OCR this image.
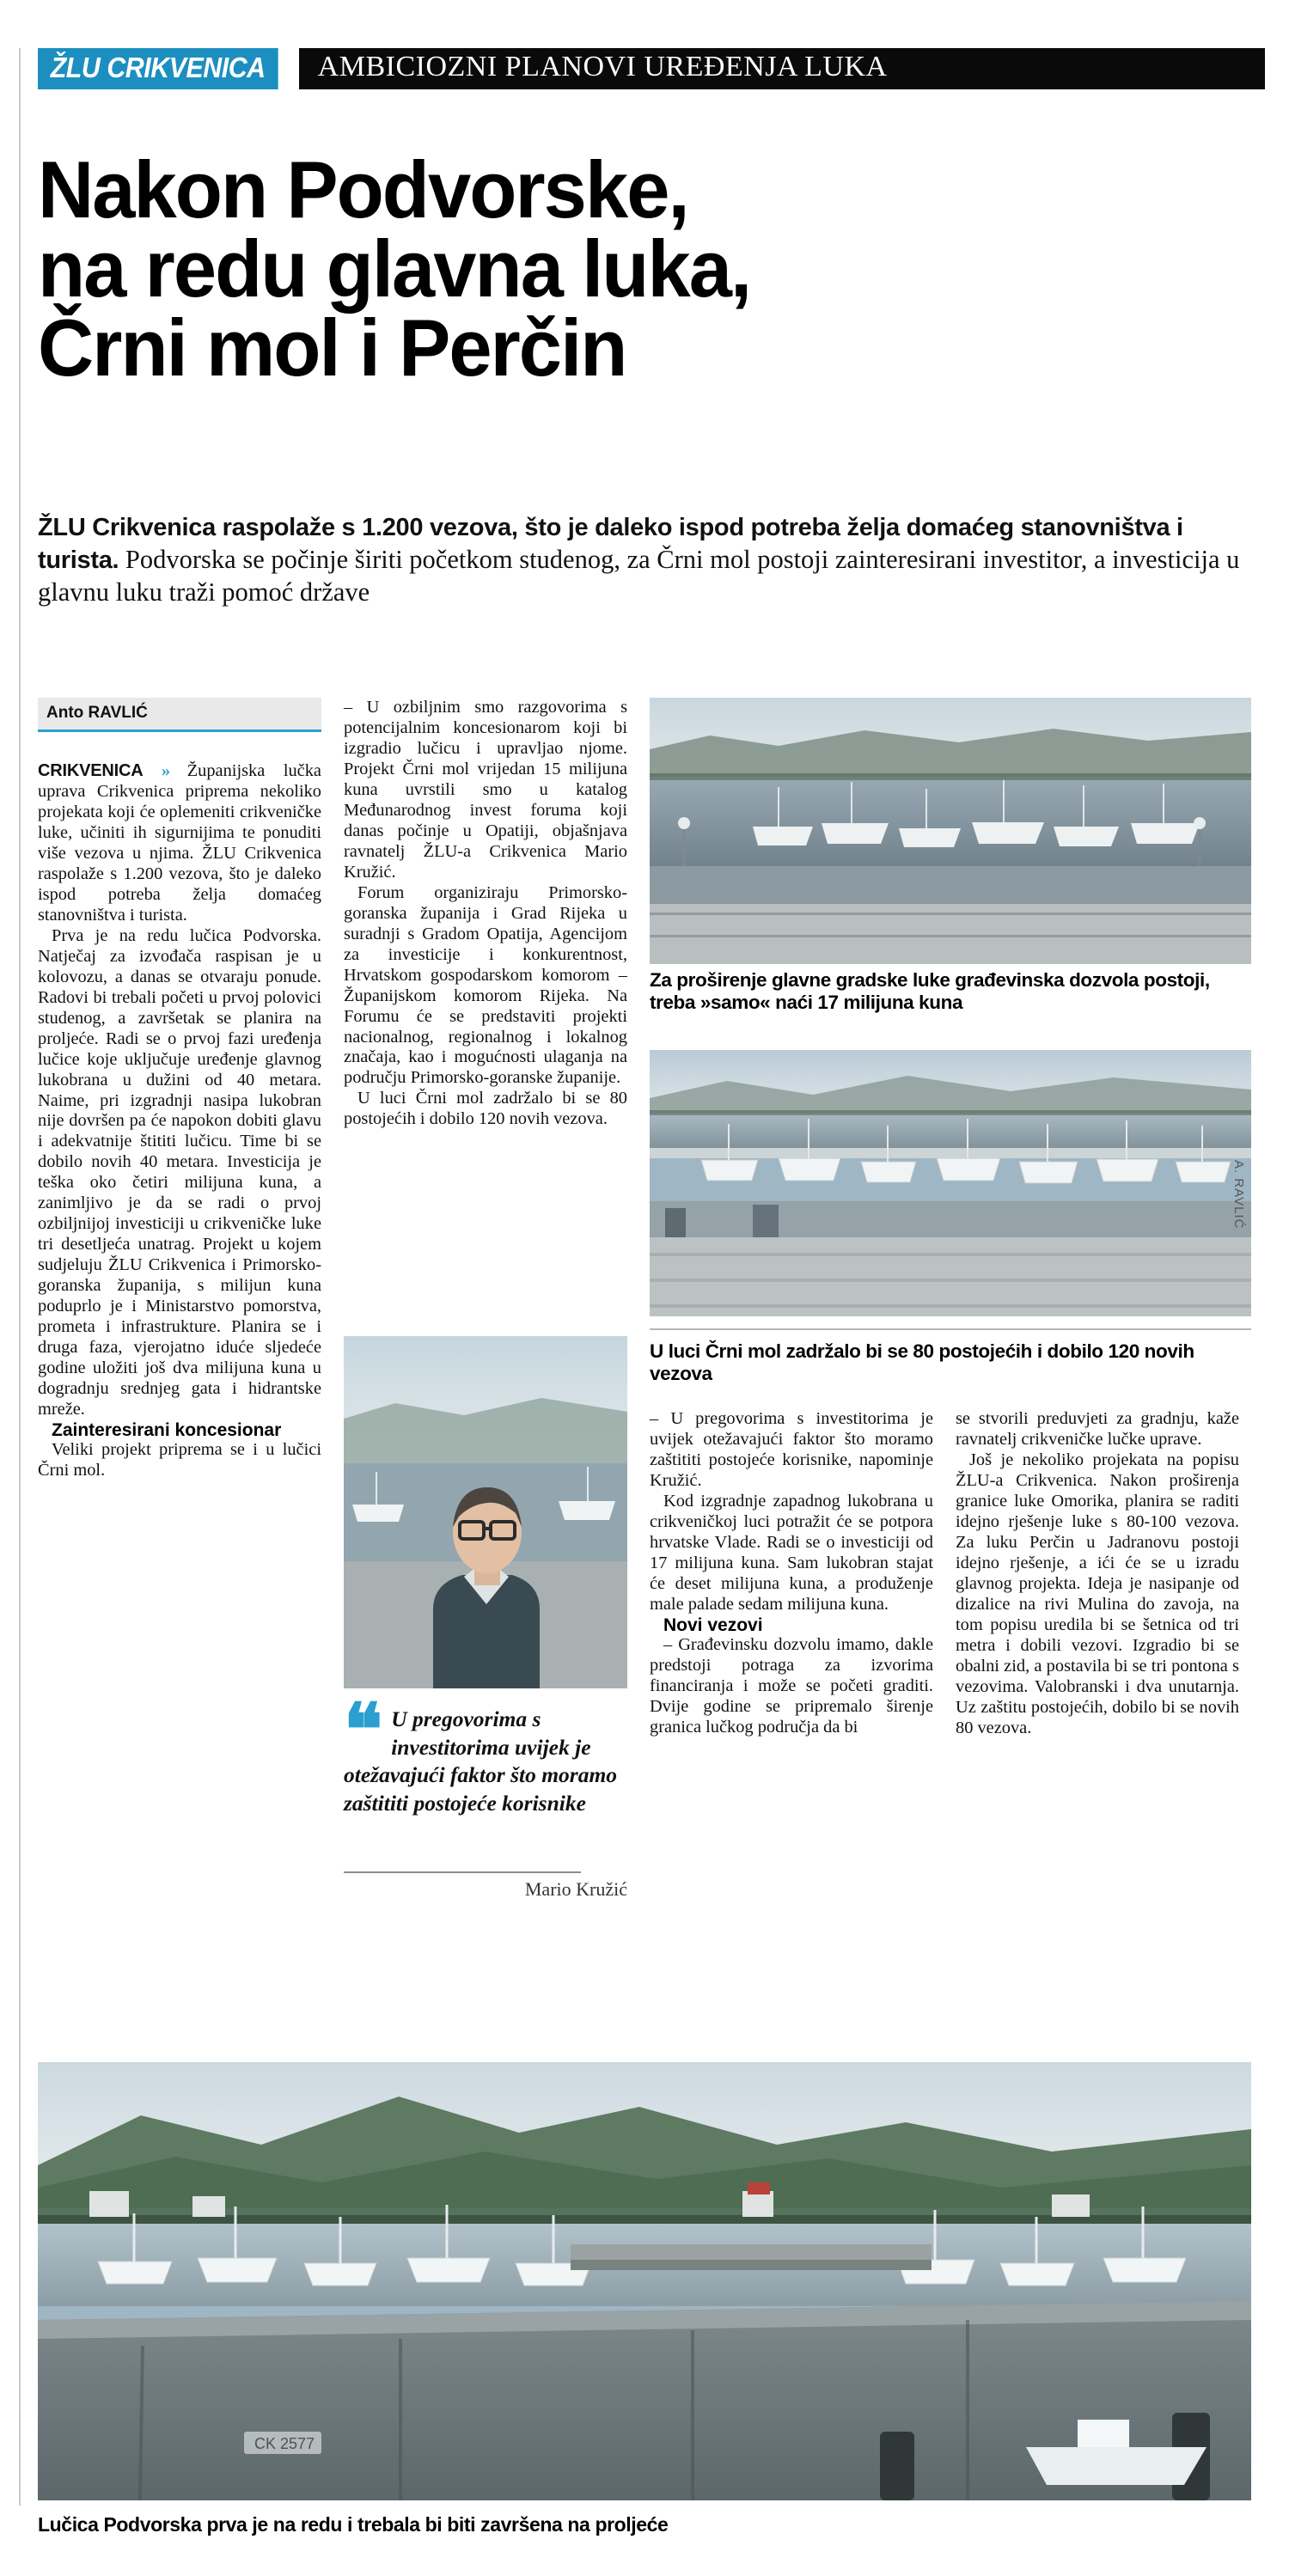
ŽLU CRIKVENICA	AMBICIOZNI PLANOVI UREĐENJA LUKA
Nakon Podvorske,
na redu glavna luka,
Črni mol i Perčin
ŽLU Crikvenica raspolaže s 1.200 vezova, što je daleko ispod potreba želja domaćeg stanovništva i turista. Podvorska se počinje širiti početkom studenog, za Črni mol postoji zainteresirani investitor, a investicija u glavnu luku traži pomoć države
Anto RAVLIĆ

CRIKVENICA » Županijska lučka uprava Crikvenica priprema nekoliko projekata koji će oplemeniti crikveničke luke, učiniti ih sigurnijima te ponuditi više vezova u njima. ŽLU Crikvenica raspolaže s 1.200 vezova, što je daleko ispod potreba želja domaćeg stanovništva i turista.

Prva je na redu lučica Podvorska. Natječaj za izvođača raspisan je u kolovozu, a danas se otvaraju ponude. Radovi bi trebali početi u prvoj polovici studenog, a završetak se planira na proljeće. Radi se o prvoj fazi uređenja lučice koje uključuje uređenje glavnog lukobrana u dužini od 40 metara. Naime, pri izgradnji nasipa lukobran nije dovršen pa će napokon dobiti glavu i adekvatnije štititi lučicu. Time bi se dobilo novih 40 metara. Investicija je teška oko četiri milijuna kuna, a zanimljivo je da se radi o prvoj ozbiljnijoj investiciji u crikveničke luke tri desetljeća unatrag. Projekt u kojem sudjeluju ŽLU Crikvenica i Primorsko-goranska županija, s milijun kuna poduprlo je i Ministarstvo pomorstva, prometa i infrastrukture. Planira se i druga faza, vjerojatno iduće sljedeće godine uložiti još dva milijuna kuna u dogradnju srednjeg gata i hidrantske mreže.

Zainteresirani koncesionar

Veliki projekt priprema se i u lučici Črni mol.

– U ozbiljnim smo razgovorima s potencijalnim koncesionarom koji bi izgradio lučicu i upravljao njome. Projekt Črni mol vrijedan 15 milijuna kuna uvrstili smo u katalog Međunarodnog invest foruma koji danas počinje u Opatiji, objašnjava ravnatelj ŽLU-a Crikvenica Mario Kružić.

Forum organiziraju Primorsko-goranska županija i Grad Rijeka u suradnji s Gradom Opatija, Agencijom za investicije i konkurentnost, Hrvatskom gospodarskom komorom – Županijskom komorom Rijeka. Na Forumu će se predstaviti projekti nacionalnog, regionalnog i lokalnog značaja, kao i mogućnosti ulaganja na području Primorsko-goranske županije.

U luci Črni mol zadržalo bi se 80 postojećih i dobilo 120 novih vezova.

– U pregovorima s investitorima je uvijek otežavajući faktor što moramo zaštititi postojeće korisnike, napominje Kružić.

Kod izgradnje zapadnog lukobrana u crikveničkoj luci potražit će se potpora hrvatske Vlade. Radi se o investiciji od 17 milijuna kuna. Sam lukobran stajat će deset milijuna kuna, a produženje male palade sedam milijuna kuna.

Novi vezovi

– Građevinsku dozvolu imamo, dakle predstoji potraga za izvorima financiranja i može se početi graditi. Dvije godine se pripremalo širenje granica lučkog područja da bi

se stvorili preduvjeti za gradnju, kaže ravnatelj crikveničke lučke uprave.

Još je nekoliko projekata na popisu ŽLU-a Crikvenica. Nakon proširenja granice luke Omorika, planira se raditi idejno rješenje luke s 80-100 vezova. Za luku Perčin u Jadranovu postoji idejno rješenje, a ići će se u izradu glavnog projekta. Ideja je nasipanje od dizalice na rivi Mulina do zavoja, na tom popisu uredila bi se šetnica od tri metra i dobili vezovi. Izgradio bi se obalni zid, a postavila bi se tri pontona s vezovima. Valobranski i dva unutarnja. Uz zaštitu postojećih, dobilo bi se novih 80 vezova.

A. RAVLIĆ
CK 2577
Za proširenje glavne gradske luke građevinska dozvola postoji, treba »samo« naći 17 milijuna kuna
U luci Črni mol zadržalo bi se 80 postojećih i dobilo 120 novih vezova
Lučica Podvorska prva je na redu i trebala bi biti završena na proljeće
❝ U pregovorima s investitorima uvijek je otežavajući faktor što moramo zaštititi postojeće korisnike
Mario Kružić
